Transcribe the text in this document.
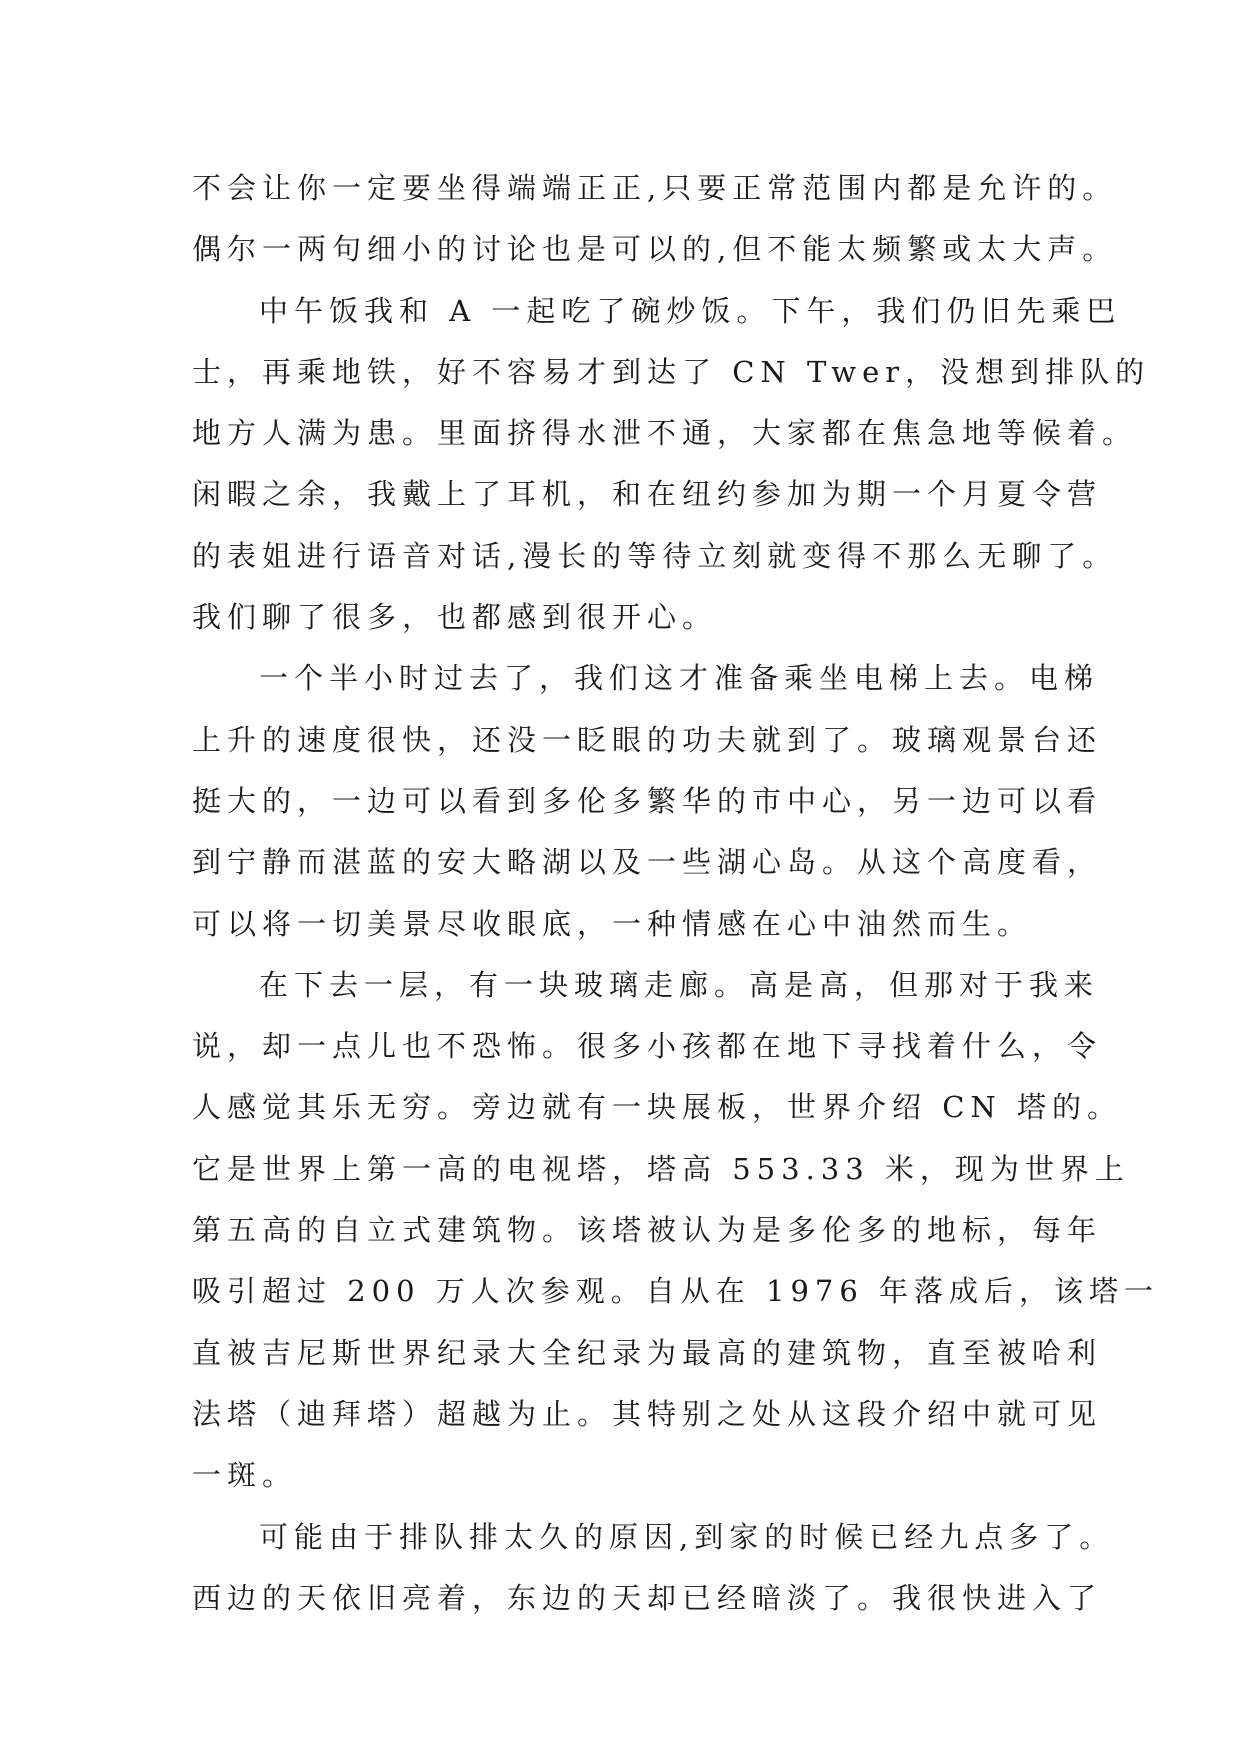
不会让你一定要坐得端端正正,只要正常范围内都是允许的。
偶尔一两句细小的讨论也是可以的,但不能太频繁或太大声。
中午饭我和 A 一起吃了碗炒饭。下午，我们仍旧先乘巴
士，再乘地铁，好不容易才到达了 CN Twer，没想到排队的
地方人满为患。里面挤得水泄不通，大家都在焦急地等候着。
闲暇之余，我戴上了耳机，和在纽约参加为期一个月夏令营
的表姐进行语音对话,漫长的等待立刻就变得不那么无聊了。
我们聊了很多，也都感到很开心。
一个半小时过去了，我们这才准备乘坐电梯上去。电梯
上升的速度很快，还没一眨眼的功夫就到了。玻璃观景台还
挺大的，一边可以看到多伦多繁华的市中心，另一边可以看
到宁静而湛蓝的安大略湖以及一些湖心岛。从这个高度看，
可以将一切美景尽收眼底，一种情感在心中油然而生。
在下去一层，有一块玻璃走廊。高是高，但那对于我来
说，却一点儿也不恐怖。很多小孩都在地下寻找着什么，令
人感觉其乐无穷。旁边就有一块展板，世界介绍 CN 塔的。
它是世界上第一高的电视塔，塔高 553.33 米，现为世界上
第五高的自立式建筑物。该塔被认为是多伦多的地标，每年
吸引超过 200 万人次参观。自从在 1976 年落成后，该塔一
直被吉尼斯世界纪录大全纪录为最高的建筑物，直至被哈利
法塔（迪拜塔）超越为止。其特别之处从这段介绍中就可见
一斑。
可能由于排队排太久的原因,到家的时候已经九点多了。
西边的天依旧亮着，东边的天却已经暗淡了。我很快进入了
